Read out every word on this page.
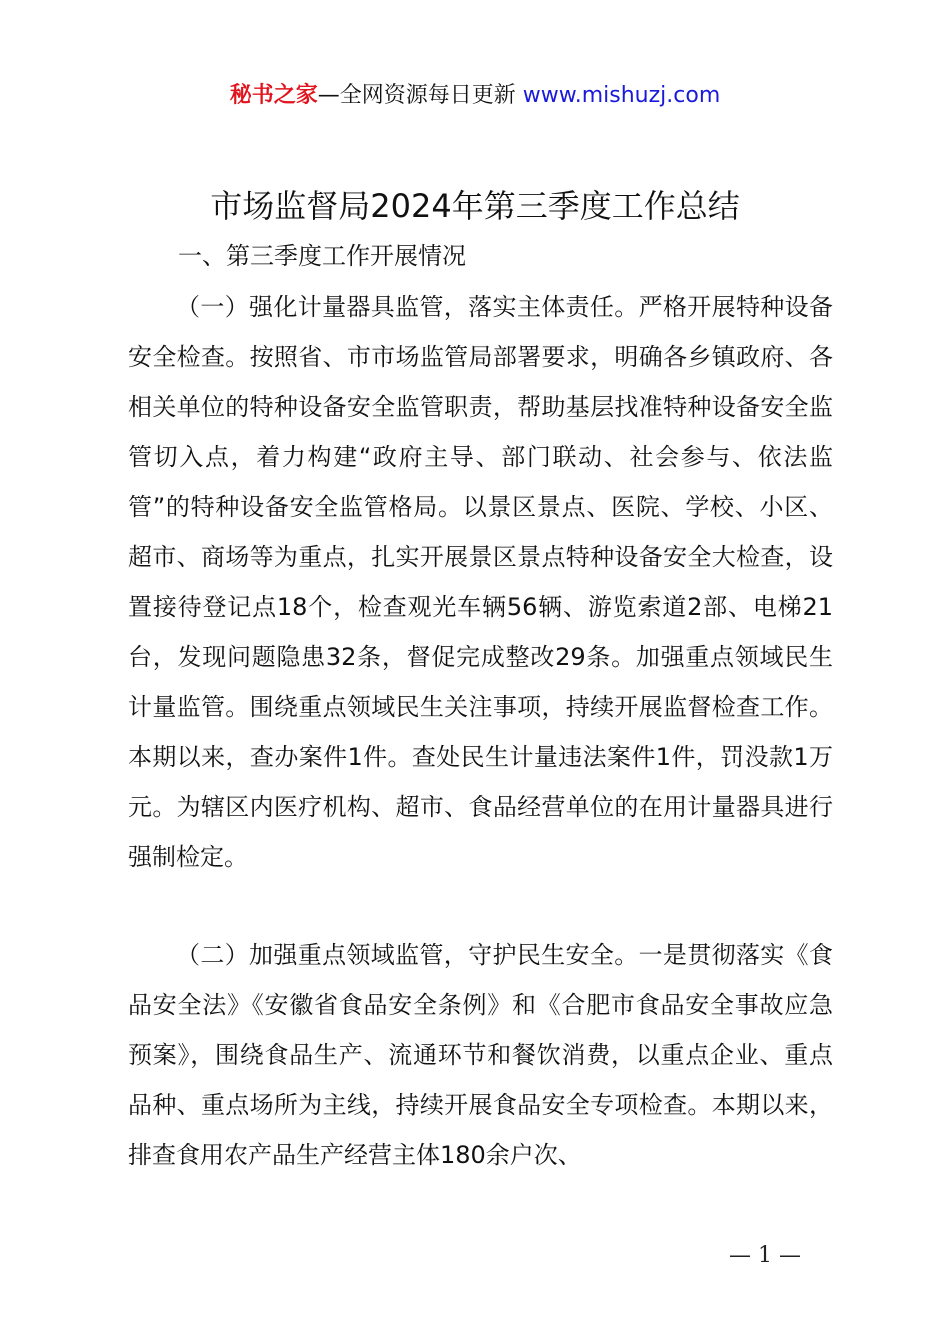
秘书之家—全网资源每日更新 www.mishuzj.com
市场监督局2024年第三季度工作总结
一、第三季度工作开展情况

（一）强化计量器具监管，落实主体责任。严格开展特种设备安全检查。按照省、市市场监管局部署要求，明确各乡镇政府、各相关单位的特种设备安全监管职责，帮助基层找准特种设备安全监管切入点，着力构建“政府主导、部门联动、社会参与、依法监管”的特种设备安全监管格局。以景区景点、医院、学校、小区、超市、商场等为重点，扎实开展景区景点特种设备安全大检查，设置接待登记点18个，检查观光车辆56辆、游览索道2部、电梯21台，发现问题隐患32条，督促完成整改29条。加强重点领域民生计量监管。围绕重点领域民生关注事项，持续开展监督检查工作。本期以来，查办案件1件。查处民生计量违法案件1件，罚没款1万元。为辖区内医疗机构、超市、食品经营单位的在用计量器具进行强制检定。

（二）加强重点领域监管，守护民生安全。一是贯彻落实《食品安全法》《安徽省食品安全条例》和《合肥市食品安全事故应急预案》，围绕食品生产、流通环节和餐饮消费，以重点企业、重点品种、重点场所为主线，持续开展食品安全专项检查。本期以来，排查食用农产品生产经营主体180余户次、

— 1 —
